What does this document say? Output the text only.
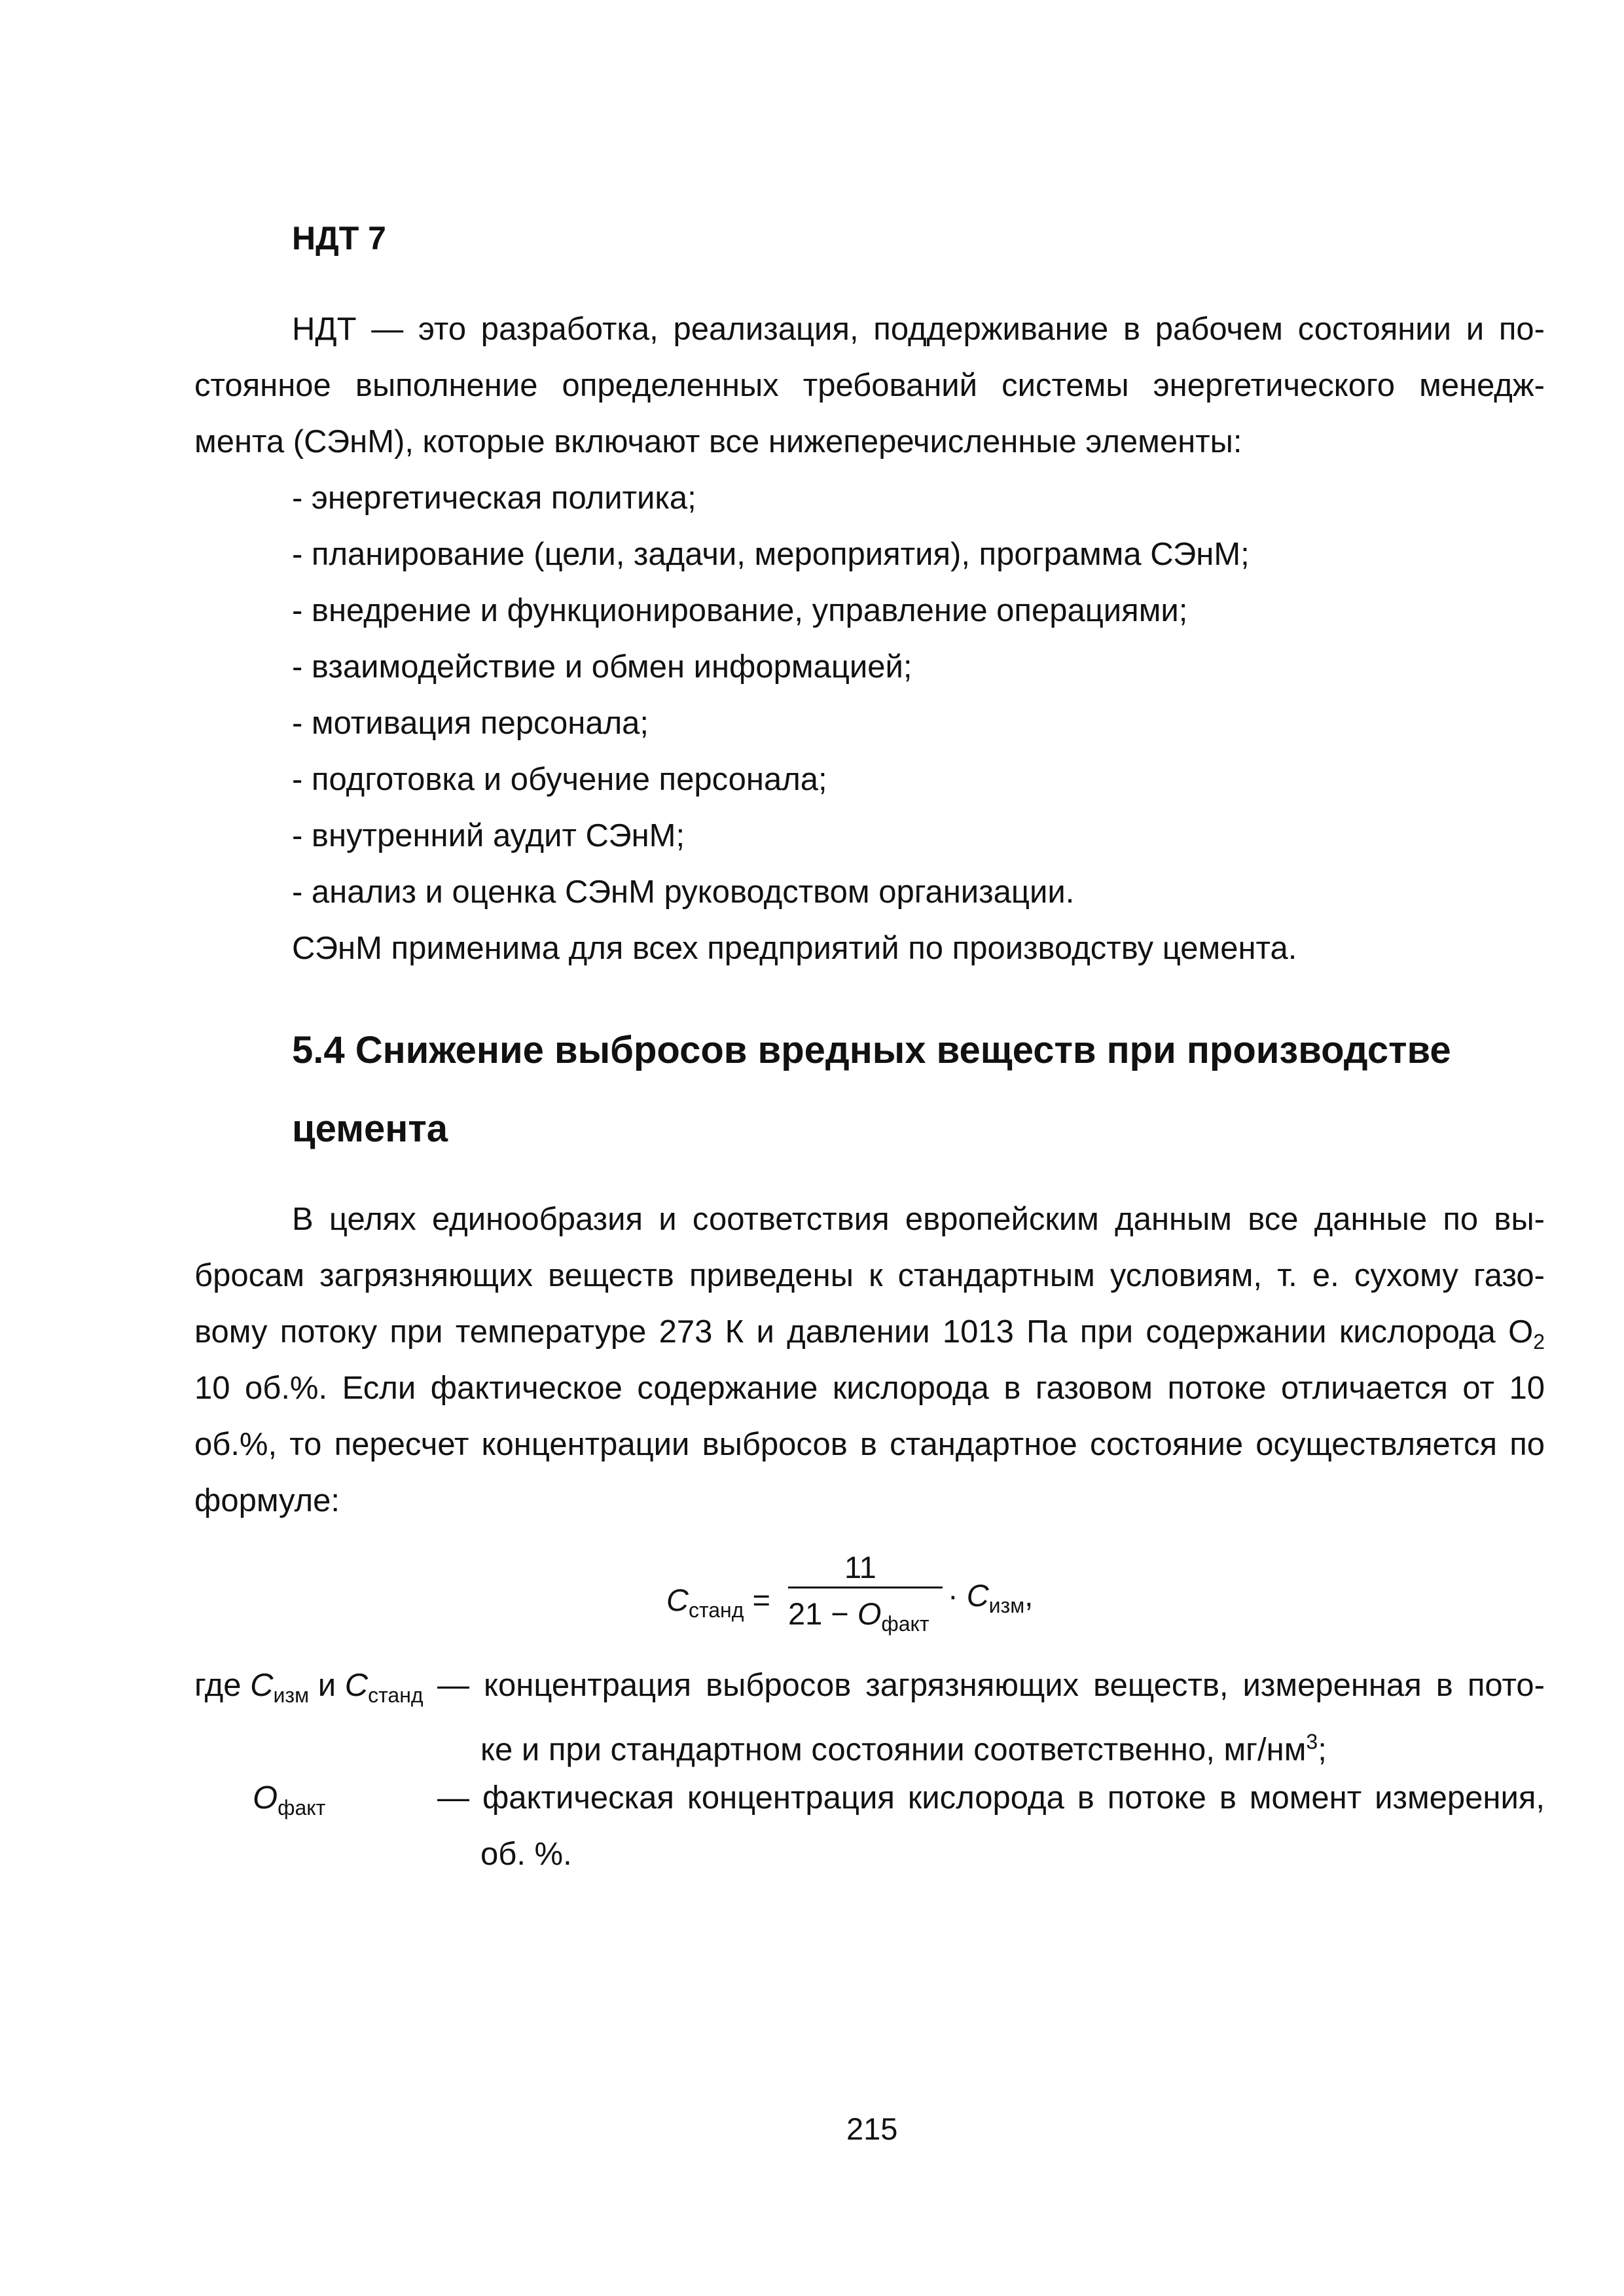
НДТ 7
НДТ — это разработка, реализация, поддерживание в рабочем состоянии и по-
стоянное выполнение определенных требований системы энергетического менедж-
мента (СЭнМ), которые включают все нижеперечисленные элементы:
- энергетическая политика;
- планирование (цели, задачи, мероприятия), программа СЭнМ;
- внедрение и функционирование, управление операциями;
- взаимодействие и обмен информацией;
- мотивация персонала;
- подготовка и обучение персонала;
- внутренний аудит СЭнМ;
- анализ и оценка СЭнМ руководством организации.
СЭнМ применима для всех предприятий по производству цемента.
5.4 Снижение выбросов вредных веществ при производстве
цемента
В целях единообразия и соответствия европейским данным все данные по вы-
бросам загрязняющих веществ приведены к стандартным условиям, т. е. сухому газо-
вому потоку при температуре 273 К и давлении 1013 Па при содержании кислорода $O_2$
10 об.%. Если фактическое содержание кислорода в газовом потоке отличается от 10
об.%, то пересчет концентрации выбросов в стандартное состояние осуществляется по
формуле:
$C_{станд}$ =
11
$21 - O_{факт}$
· $C_{изм}$,
где $C_{изм}$ и $C_{станд}$ — концентрация выбросов загрязняющих веществ, измеренная в пото-
ке и при стандартном состоянии соответственно, $мг/нм^3$;
$O_{факт}$	— фактическая концентрация кислорода в потоке в момент измерения,
об. %.
215
